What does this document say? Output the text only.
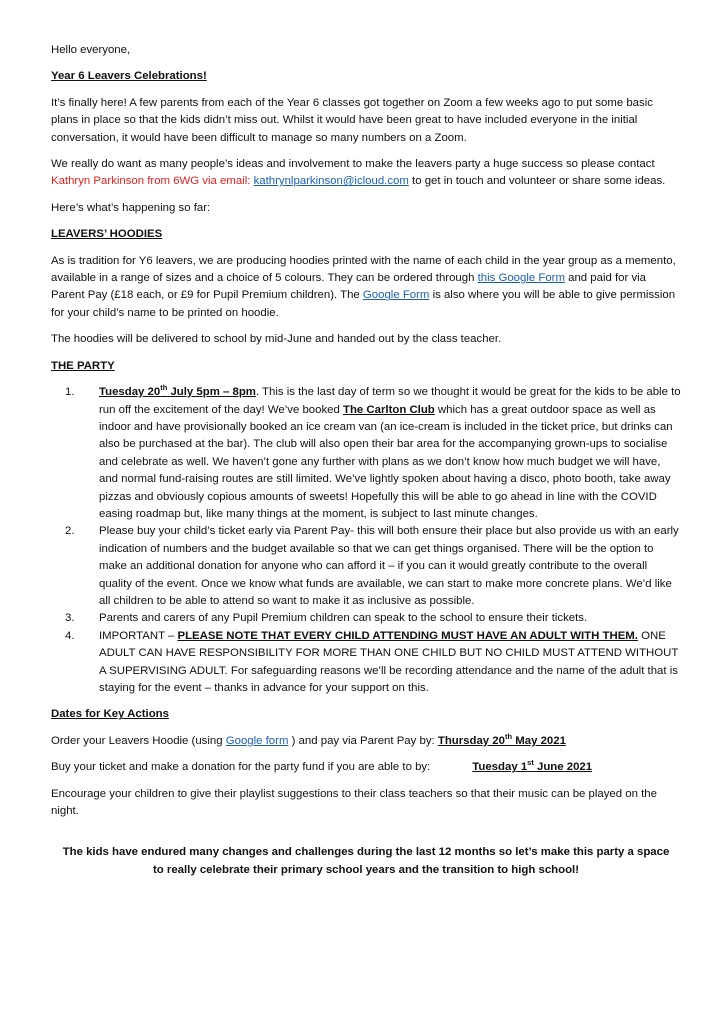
Hello everyone,

Year 6 Leavers Celebrations!

It’s finally here! A few parents from each of the Year 6 classes got together on Zoom a few weeks ago to put some basic plans in place so that the kids didn’t miss out. Whilst it would have been great to have included everyone in the initial conversation, it would have been difficult to manage so many numbers on a Zoom.

We really do want as many people’s ideas and involvement to make the leavers party a huge success so please contact Kathryn Parkinson from 6WG via email: kathrynlparkinson@icloud.com to get in touch and volunteer or share some ideas.

Here’s what’s happening so far:

LEAVERS’ HOODIES

As is tradition for Y6 leavers, we are producing hoodies printed with the name of each child in the year group as a memento, available in a range of sizes and a choice of 5 colours. They can be ordered through this Google Form and paid for via Parent Pay (£18 each, or £9 for Pupil Premium children). The Google Form is also where you will be able to give permission for your child’s name to be printed on hoodie.

The hoodies will be delivered to school by mid-June and handed out by the class teacher.

THE PARTY

1. Tuesday 20th July 5pm – 8pm. This is the last day of term so we thought it would be great for the kids to be able to run off the excitement of the day! We’ve booked The Carlton Club which has a great outdoor space as well as indoor and have provisionally booked an ice cream van (an ice-cream is included in the ticket price, but drinks can also be purchased at the bar). The club will also open their bar area for the accompanying grown-ups to socialise and celebrate as well. We haven’t gone any further with plans as we don’t know how much budget we will have, and normal fund-raising routes are still limited. We’ve lightly spoken about having a disco, photo booth, take away pizzas and obviously copious amounts of sweets! Hopefully this will be able to go ahead in line with the COVID easing roadmap but, like many things at the moment, is subject to last minute changes.
2. Please buy your child’s ticket early via Parent Pay- this will both ensure their place but also provide us with an early indication of numbers and the budget available so that we can get things organised. There will be the option to make an additional donation for anyone who can afford it – if you can it would greatly contribute to the overall quality of the event. Once we know what funds are available, we can start to make more concrete plans. We’d like all children to be able to attend so want to make it as inclusive as possible.
3. Parents and carers of any Pupil Premium children can speak to the school to ensure their tickets.
4. IMPORTANT – PLEASE NOTE THAT EVERY CHILD ATTENDING MUST HAVE AN ADULT WITH THEM. ONE ADULT CAN HAVE RESPONSIBILITY FOR MORE THAN ONE CHILD BUT NO CHILD MUST ATTEND WITHOUT A SUPERVISING ADULT. For safeguarding reasons we’ll be recording attendance and the name of the adult that is staying for the event – thanks in advance for your support on this.

Dates for Key Actions

Order your Leavers Hoodie (using Google form ) and pay via Parent Pay by: Thursday 20th May 2021

Buy your ticket and make a donation for the party fund if you are able to by:	Tuesday 1st June 2021

Encourage your children to give their playlist suggestions to their class teachers so that their music can be played on the night.

The kids have endured many changes and challenges during the last 12 months so let’s make this party a space to really celebrate their primary school years and the transition to high school!
